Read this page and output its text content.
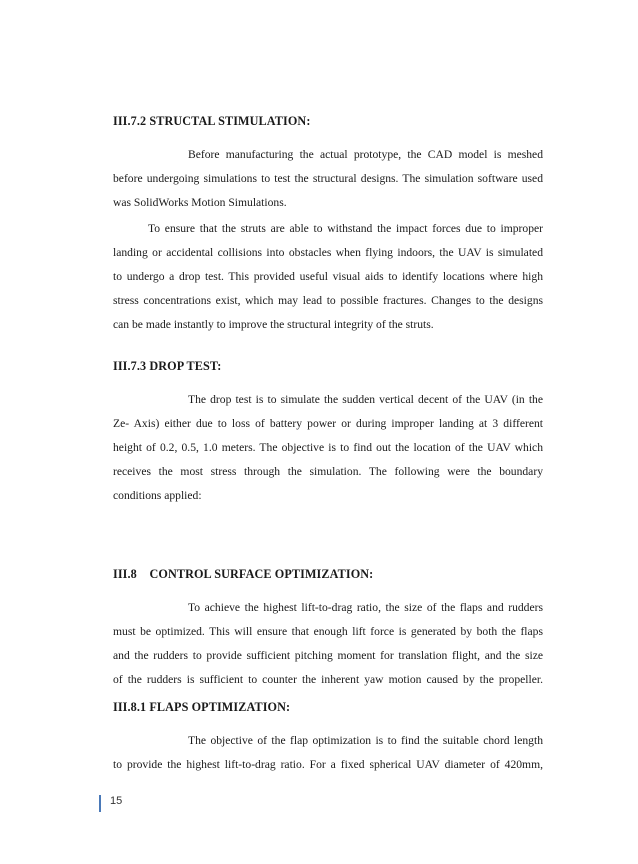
III.7.2 STRUCTAL STIMULATION:
Before manufacturing the actual prototype, the CAD model is meshed
before undergoing simulations to test the structural designs. The simulation software used
was SolidWorks Motion Simulations.
To ensure that the struts are able to withstand the impact forces due to improper
landing or accidental collisions into obstacles when flying indoors, the UAV is simulated
to undergo a drop test. This provided useful visual aids to identify locations where high
stress concentrations exist, which may lead to possible fractures. Changes to the designs
can be made instantly to improve the structural integrity of the struts.
III.7.3 DROP TEST:
The drop test is to simulate the sudden vertical decent of the UAV (in the
Ze- Axis) either due to loss of battery power or during improper landing at 3 different
height of 0.2, 0.5, 1.0 meters. The objective is to find out the location of the UAV which
receives the most stress through the simulation. The following were the boundary
conditions applied:
III.8    CONTROL SURFACE OPTIMIZATION:
To achieve the highest lift-to-drag ratio, the size of the flaps and rudders
must be optimized. This will ensure that enough lift force is generated by both the flaps
and the rudders to provide sufficient pitching moment for translation flight, and the size
of the rudders is sufficient to counter the inherent yaw motion caused by the propeller.
III.8.1 FLAPS OPTIMIZATION:
The objective of the flap optimization is to find the suitable chord length
to provide the highest lift-to-drag ratio. For a fixed spherical UAV diameter of 420mm,
15
